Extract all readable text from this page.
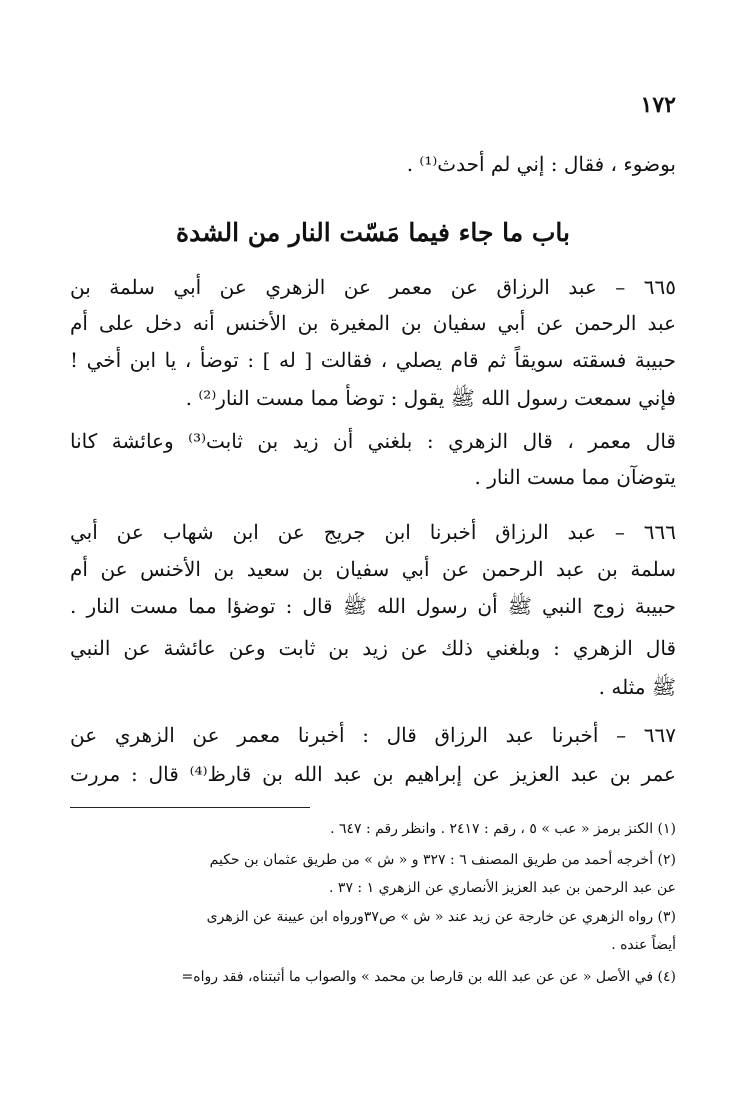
١٧٢
بوضوء ، فقال : إني لم أحدث⁽¹⁾ .
باب ما جاء فيما مَسّت النار من الشدة
٦٦٥ – عبد الرزاق عن معمر عن الزهري عن أبي سلمة بن
عبد الرحمن عن أبي سفيان بن المغيرة بن الأخنس أنه دخل على أم
حبيبة فسقته سويقاً ثم قام يصلي ، فقالت [ له ] : توضأ ، يا ابن أخي !
فإني سمعت رسول الله ﷺ يقول : توضأ مما مست النار⁽²⁾ .
قال معمر ، قال الزهري : بلغني أن زيد بن ثابت⁽³⁾ وعائشة كانا
يتوضآن مما مست النار .
٦٦٦ – عبد الرزاق أخبرنا ابن جريج عن ابن شهاب عن أبي
سلمة بن عبد الرحمن عن أبي سفيان بن سعيد بن الأخنس عن أم
حبيبة زوج النبي ﷺ أن رسول الله ﷺ قال : توضؤا مما مست النار .
قال الزهري : وبلغني ذلك عن زيد بن ثابت وعن عائشة عن النبي
ﷺ مثله .
٦٦٧ – أخبرنا عبد الرزاق قال : أخبرنا معمر عن الزهري عن
عمر بن عبد العزيز عن إبراهيم بن عبد الله بن قارظ⁽⁴⁾ قال : مررت
(١) الكنز برمز « عب » ٥ ، رقم : ٢٤١٧ . وانظر رقم : ٦٤٧ .
(٢) أخرجه أحمد من طريق المصنف ٦ : ٣٢٧ و « ش » من طريق عثمان بن حكيم
عن عبد الرحمن بن عبد العزيز الأنصاري عن الزهري ١ : ٣٧ .
(٣) رواه الزهري عن خارجة عن زيد عند « ش » ص٣٧ورواه ابن عيينة عن الزهرى
أيضاً عنده .
(٤) في الأصل « عن عن عبد الله بن قارصا بن محمد » والصواب ما أثبتناه، فقد رواه=
